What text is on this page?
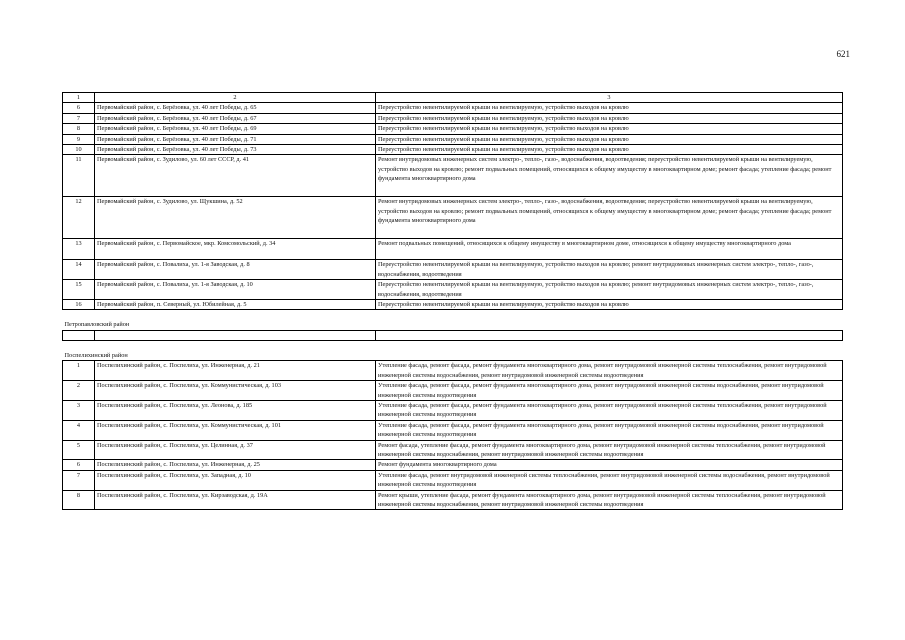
621
1	2	3
6	Первомайский район, с. Берёзовка, ул. 40 лет Победы, д. 65	Переустройство невентилируемой крыши на вентилируемую, устройство выходов на кровлю
7	Первомайский район, с. Берёзовка, ул. 40 лет Победы, д. 67	Переустройство невентилируемой крыши на вентилируемую, устройство выходов на кровлю
8	Первомайский район, с. Берёзовка, ул. 40 лет Победы, д. 69	Переустройство невентилируемой крыши на вентилируемую, устройство выходов на кровлю
9	Первомайский район, с. Берёзовка, ул. 40 лет Победы, д. 71	Переустройство невентилируемой крыши на вентилируемую, устройство выходов на кровлю
10	Первомайский район, с. Берёзовка, ул. 40 лет Победы, д. 73	Переустройство невентилируемой крыши на вентилируемую, устройство выходов на кровлю
11	Первомайский район, с. Зудилово, ул. 60 лет СССР, д. 41	Ремонт внутридомовых инженерных систем электро-, тепло-, газо-, водоснабжения, водоотведения; переустройство невентилируемой крыши на вентилируемую, устройство выходов на кровлю; ремонт подвальных помещений, относящихся к общему имуществу в многоквартирном доме; ремонт фасада; утепление фасада; ремонт фундамента многоквартирного дома
12	Первомайский район, с. Зудилово, ул. Щукшина, д. 52	Ремонт внутридомовых инженерных систем электро-, тепло-, газо-, водоснабжения, водоотведения; переустройство невентилируемой крыши на вентилируемую, устройство выходов на кровлю; ремонт подвальных помещений, относящихся к общему имуществу в многоквартирном доме; ремонт фасада; утепление фасада; ремонт фундамента многоквартирного дома
13	Первомайский район, с. Первомайское, мкр. Комсомольский, д. 34	Ремонт подвальных помещений, относящихся к общему имуществу в многоквартирном доме, относящихся к общему имуществу многоквартирного дома
14	Первомайский район, с. Повалиха, ул. 1-я Заводская, д. 8	Переустройство невентилируемой крыши на вентилируемую, устройство выходов на кровлю; ремонт внутридомовых инженерных систем электро-, тепло-, газо-, водоснабжения, водоотведения
15	Первомайский район, с. Повалиха, ул. 1-я Заводская, д. 10	Переустройство невентилируемой крыши на вентилируемую, устройство выходов на кровлю; ремонт внутридомовых инженерных систем электро-, тепло-, газо-, водоснабжения, водоотведения
16	Первомайский район, п. Северный, ул. Юбилейная, д. 5	Переустройство невентилируемой крыши на вентилируемую, устройство выходов на кровлю
Петропавловский район		

Поспелихинский район		
1	Поспелихинский район, с. Поспелиха, ул. Инженерная, д. 21	Утепление фасада, ремонт фасада, ремонт фундамента многоквартирного дома, ремонт внутридомовой инженерной системы теплоснабжения, ремонт внутридомовой инженерной системы водоснабжения, ремонт внутридомовой инженерной системы водоотведения
2	Поспелихинский район, с. Поспелиха, ул. Коммунистическая, д. 103	Утепление фасада, ремонт фасада, ремонт фундамента многоквартирного дома, ремонт внутридомовой инженерной системы водоснабжения, ремонт внутридомовой инженерной системы водоотведения
3	Поспелихинский район, с. Поспелиха, ул. Леонова, д. 185	Утепление фасада, ремонт фасада, ремонт фундамента многоквартирного дома, ремонт внутридомовой инженерной системы теплоснабжения, ремонт внутридомовой инженерной системы водоотведения
4	Поспелихинский район, с. Поспелиха, ул. Коммунистическая, д. 101	Утепление фасада, ремонт фасада, ремонт фундамента многоквартирного дома, ремонт внутридомовой инженерной системы водоснабжения, ремонт внутридомовой инженерной системы водоотведения
5	Поспелихинский район, с. Поспелиха, ул. Целинная, д. 37	Ремонт фасада, утепление фасада, ремонт фундамента многоквартирного дома, ремонт внутридомовой инженерной системы теплоснабжения, ремонт внутридомовой инженерной системы водоснабжения, ремонт внутридомовой инженерной системы водоотведения
6	Поспелихинский район, с. Поспелиха, ул. Инженерная, д. 25	Ремонт фундамента многоквартирного дома
7	Поспелихинский район, с. Поспелиха, ул. Западная, д. 10	Утепление фасада, ремонт внутридомовой инженерной системы теплоснабжения, ремонт внутридомовой инженерной системы водоснабжения, ремонт внутридомовой инженерной системы водоотведения
8	Поспелихинский район, с. Поспелиха, ул. Кирзаводская, д. 19А	Ремонт крыши, утепление фасада, ремонт фундамента многоквартирного дома, ремонт внутридомовой инженерной системы теплоснабжения, ремонт внутридомовой инженерной системы водоснабжения, ремонт внутридомовой инженерной системы водоотведения
